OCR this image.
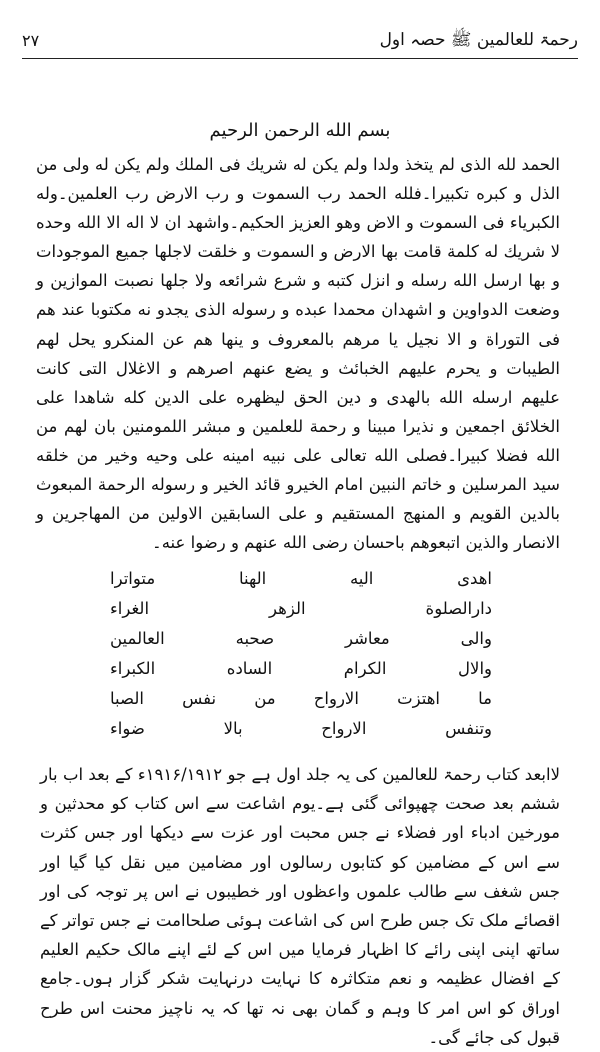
رحمۃ للعالمین ﷺ حصہ اول
۲۷
بسم الله الرحمن الرحيم

الحمد لله الذى لم يتخذ ولدا ولم يكن له شريك فى الملك ولم يكن له ولى من الذل و كبره تكبيرا۔فلله الحمد رب السموت و رب الارض رب العلمين۔وله الكبرياء فى السموت و الاض وهو العزيز الحكيم۔واشهد ان لا اله الا الله وحده لا شريك له كلمة قامت بها الارض و السموت و خلقت لاجلها جميع الموجودات و بها ارسل الله رسله و انزل كتبه و شرع شرائعه ولا جلها نصبت الموازين و وضعت الدواوين و اشهدان محمدا عبده و رسوله الذى يجدو نه مكتوبا عند هم فى التوراة و الا نجيل يا مرهم بالمعروف و ينها هم عن المنكرو يحل لهم الطيبات و يحرم عليهم الخبائث و يضع عنهم اصرهم و الاغلال التى كانت عليهم ارسله الله بالهدى و دين الحق ليظهره على الدين كله شاهدا على الخلائق اجمعين و نذيرا مبينا و رحمة للعلمين و مبشر اللمومنين بان لهم من الله فضلا كبيرا۔فصلى الله تعالى على نبيه امينه على وحيه وخير من خلقه سيد المرسلين و خاتم النبين امام الخيرو قائد الخير و رسوله الرحمة المبعوث بالدين القويم و المنهج المستقيم و على السابقين الاولين من المهاجرين و الانصار والذين اتبعوهم باحسان رضى الله عنهم و رضوا عنه۔

اهدى
اليه
الهنا
متواترا
دارالصلوة
الزهر
الغراء
والى
معاشر
صحبه
العالمين
والال
الكرام
الساده
الكبراء
ما
اهتزت
الارواح
من
نفس
الصبا
وتنفس
الارواح
بالا
ضواء

لاابعد کتاب رحمۃ للعالمین کی یہ جلد اول ہے جو ۱۹۱۶/۱۹۱۲ء کے بعد اب بار ششم بعد صحت چھپوائی گئی ہے۔یوم اشاعت سے اس کتاب کو محدثین و مورخین ادباء اور فضلاء نے جس محبت اور عزت سے دیکھا اور جس کثرت سے اس کے مضامین کو کتابوں رسالوں اور مضامین میں نقل کیا گیا اور جس شغف سے طالب علموں واعظوں اور خطیبوں نے اس پر توجہ کی اور اقصائے ملک تک جس طرح اس کی اشاعت ہوئی صلحاامت نے جس تواتر کے ساتھ اپنی اپنی رائے کا اظہار فرمایا میں اس کے لئے اپنے مالک حکیم العلیم کے افضال عظیمہ و نعم متکاثرہ کا نہایت درنہایت شکر گزار ہوں۔جامع اوراق کو اس امر کا وہم و گمان بھی نہ تھا کہ یہ ناچیز محنت اس طرح قبول کی جائے گی۔
